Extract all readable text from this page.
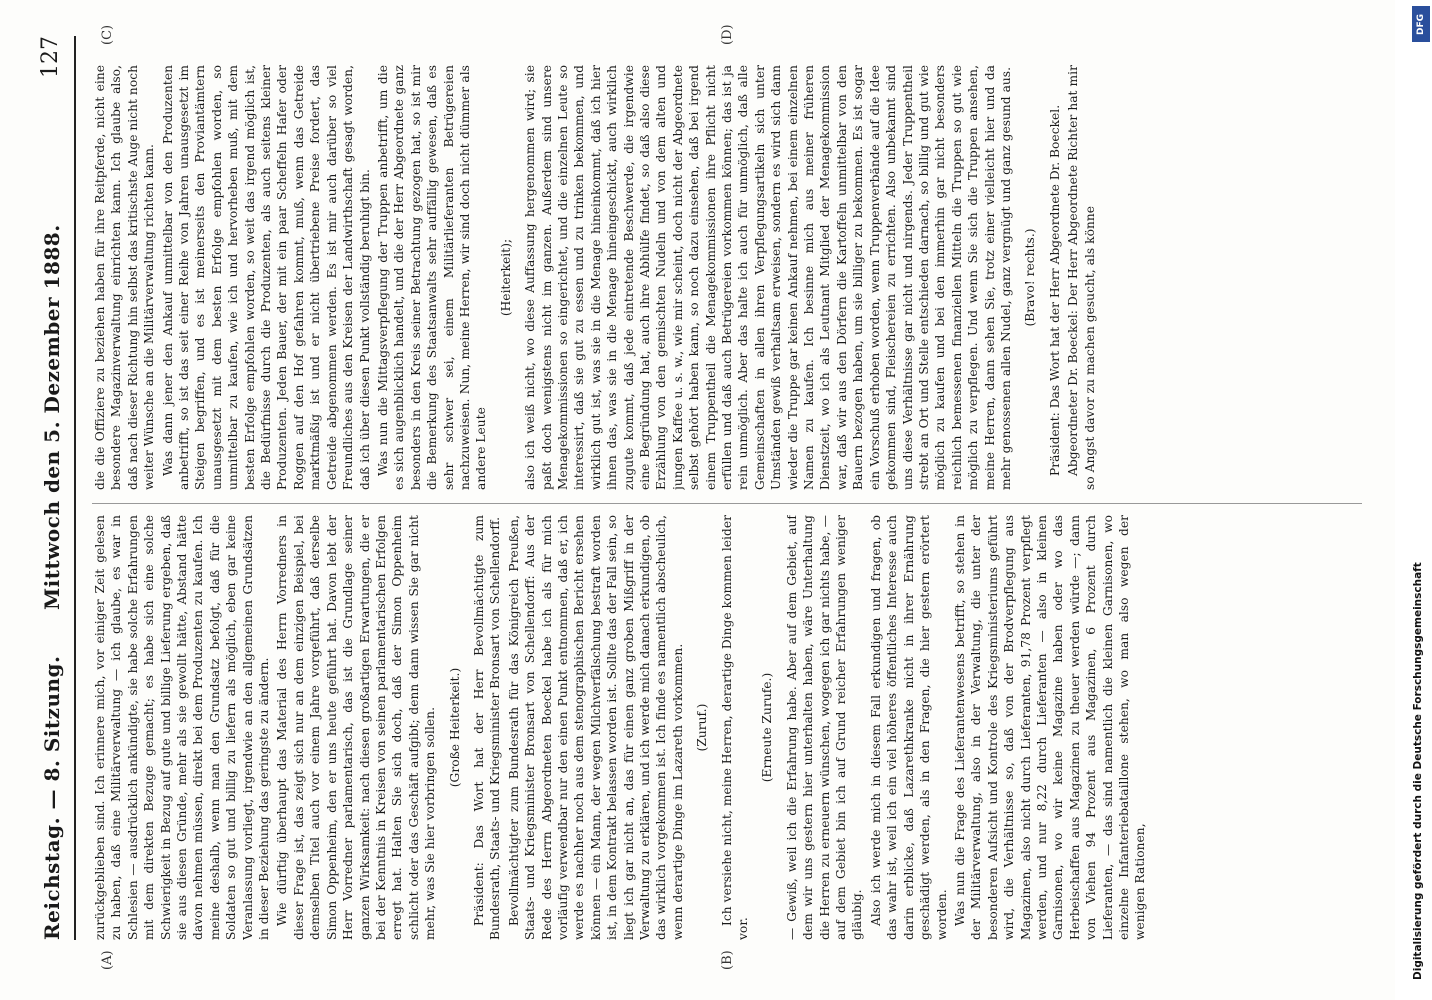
Reichstag. — 8. Sitzung.
Mittwoch den 5. Dezember 1888.
127
(A)	(B)
(C)	(D)

zurückgeblieben sind. Ich erinnere mich, vor einiger Zeit gelesen zu haben, daß eine Militärverwaltung — ich glaube, es war in Schlesien — ausdrücklich ankündigte, sie habe solche Erfahrungen mit dem direkten Bezuge gemacht; es habe sich eine solche Schwierigkeit in Bezug auf gute und billige Lieferung ergeben, daß sie aus diesen Gründe, mehr als sie gewollt hätte, Abstand hätte davon nehmen müssen, direkt bei dem Produzenten zu kaufen. Ich meine deshalb, wenn man den Grundsatz befolgt, daß für die Soldaten so gut und billig zu liefern als möglich, eben gar keine Veranlassung vorliegt, irgendwie an den allgemeinen Grundsätzen in dieser Beziehung das geringste zu ändern. Wie dürftig überhaupt das Material des Herrn Vorredners in dieser Frage ist, das zeigt sich nur an dem einzigen Beispiel, bei demselben Titel auch vor einem Jahre vorgeführt, daß derselbe Simon Oppenheim, den er uns heute geführt hat. Davon lebt der Herr Vorredner parlamentarisch, das ist die Grundlage seiner ganzen Wirksamkeit: nach diesen großartigen Erwartungen, die er bei der Kenntnis in Kreisen von seinen parlamentarischen Erfolgen erregt hat. Halten Sie sich doch, daß der Simon Oppenheim schlicht oder das Geschäft aufgibt; denn dann wissen Sie gar nicht mehr, was Sie hier vorbringen sollen. (Große Heiterkeit.) Präsident: Das Wort hat der Herr Bevollmächtigte zum Bundesrath, Staats- und Kriegsminister Bronsart von Schellendorff. Bevollmächtigter zum Bundesrath für das Königreich Preußen, Staats- und Kriegsminister Bronsart von Schellendorff: Aus der Rede des Herrn Abgeordneten Boeckel habe ich als für mich vorläufig verwendbar nur den einen Punkt entnommen, daß er, ich werde es nachher noch aus dem stenographischen Bericht ersehen können — ein Mann, der wegen Milchverfälschung bestraft worden ist, in dem Kontrakt belassen worden ist. Sollte das der Fall sein, so liegt ich gar nicht an, das für einen ganz groben Mißgriff in der Verwaltung zu erklären, und ich werde mich danach erkundigen, ob das wirklich vorgekommen ist. Ich finde es namentlich abscheulich, wenn derartige Dinge im Lazareth vorkommen. (Zuruf.) Ich versiehe nicht, meine Herren, derartige Dinge kommen leider vor.

(Erneute Zurufe.) — Gewiß, weil ich die Erfahrung habe. Aber auf dem Gebiet, auf dem wir uns gestern hier unterhalten haben, wäre Unterhaltung die Herren zu erneuern wünschen, wogegen ich gar nichts habe, — auf dem Gebiet bin ich auf Grund reicher Erfahrungen weniger gläubig. Also ich werde mich in diesem Fall erkundigen und fragen, ob das wahr ist, weil ich ein viel höheres öffentliches Interesse auch darin erblicke, daß Lazarethkranke nicht in ihrer Ernährung geschädigt werden, als in den Fragen, die hier gestern erörtert worden. Was nun die Frage des Lieferantenwesens betrifft, so stehen in der Militärverwaltung, also in der Verwaltung, die unter der besonderen Aufsicht und Kontrole des Kriegsministeriums geführt wird, die Verhältnisse so, daß von der Brodverpflegung aus Magazinen, also nicht durch Lieferanten, 91,78 Prozent verpflegt werden, und nur 8,22 durch Lieferanten — also in kleinen Garnisonen, wo wir keine Magazine haben oder wo das Herbeischaffen aus Magazinen zu theuer werden würde —; dann von Viehen 94 Prozent aus Magazinen, 6 Prozent durch Lieferanten, — das sind namentlich die kleinen Garnisonen, wo einzelne Infanteriebataillone stehen, wo man also wegen der wenigen Rationen,

die die Offiziere zu beziehen haben für ihre Reitpferde, nicht eine besondere Magazinverwaltung einrichten kann. Ich glaube also, daß nach dieser Richtung hin selbst das kritischste Auge nicht noch weiter Wünsche an die Militärverwaltung richten kann. Was dann jener den Ankauf unmittelbar von den Produzenten anbetrifft, so ist das seit einer Reihe von Jahren unausgesetzt im Steigen begriffen, und es ist meinerseits den Proviantämtern unausgesetzt mit dem besten Erfolge empfohlen worden, so unmittelbar zu kaufen, wie ich und hervorheben muß, mit dem besten Erfolge empfohlen worden, so weit das irgend möglich ist, die Bedürfnisse durch die Produzenten, als auch seitens kleiner Produzenten. Jeden Bauer, der mit ein paar Scheffeln Hafer oder Roggen auf den Hof gefahren kommt, muß, wenn das Getreide marktmäßig ist und er nicht übertriebene Preise fordert, das Getreide abgenommen werden. Es ist mir auch darüber so viel Freundliches aus den Kreisen der Landwirthschaft gesagt worden, daß ich über diesen Punkt vollständig beruhigt bin. Was nun die Mittagsverpflegung der Truppen anbetrifft, um die es sich augenblicklich handelt, und die der Herr Abgeordnete ganz besonders in den Kreis seiner Betrachtung gezogen hat, so ist mir die Bemerkung des Staatsanwalts sehr auffällig gewesen, daß es sehr schwer sei, einem Militärlieferanten Betrügereien nachzuweisen. Nun, meine Herren, wir sind doch nicht dümmer als andere Leute

(Heiterkeit); also ich weiß nicht, wo diese Auffassung hergenommen wird; sie paßt doch wenigstens nicht im ganzen. Außerdem sind unsere Menagekommissionen so eingerichtet, und die einzelnen Leute so interessirt, daß sie gut zu essen und zu trinken bekommen, und wirklich gut ist, was sie in die Menage hineinkommt, daß ich hier ihnen das, was sie in die Menage hineingeschickt, auch wirklich zugute kommt, daß jede eintretende Beschwerde, die irgendwie eine Begründung hat, auch ihre Abhülfe findet, so daß also diese Erzählung von den gemischten Nudeln und von dem alten und jungen Kaffee u. s. w., wie mir scheint, doch nicht der Abgeordnete selbst gehört haben kann, so noch dazu einsehen, daß bei irgend einem Truppentheil die Menagekommissionen ihre Pflicht nicht erfüllen und daß auch Betrügereien vorkommen können; das ist ja rein unmöglich. Aber das halte ich auch für unmöglich, daß alle Gemeinschaften in allen ihren Verpflegungsartikeln sich unter Umständen gewiß verhaltsam erweisen, sondern es wird sich dann wieder die Truppe gar keinen Ankauf nehmen, bei einem einzelnen Namen zu kaufen. Ich besinne mich aus meiner früheren Dienstzeit, wo ich als Leutnant Mitglied der Menagekommission war, daß wir aus den Dörfern die Kartoffeln unmittelbar von den Bauern bezogen haben, um sie billiger zu bekommen. Es ist sogar ein Vorschuß erhoben worden, wenn Truppenverbände auf die Idee gekommen sind, Fleischereien zu errichten. Also unbekannt sind uns diese Verhältnisse gar nicht und nirgends. Jeder Truppentheil strebt an Ort und Stelle entschieden darnach, so billig und gut wie möglich zu kaufen und bei den immerhin gar nicht besonders reichlich bemessenen finanziellen Mitteln die Truppen so gut wie möglich zu verpflegen. Und wenn Sie sich die Truppen ansehen, meine Herren, dann sehen Sie, trotz einer vielleicht hier und da mehr genossenen allen Nudel, ganz vergnügt und ganz gesund aus. (Bravo! rechts.) Präsident: Das Wort hat der Herr Abgeordnete Dr. Boeckel. Abgeordneter Dr. Boeckel: Der Herr Abgeordnete Richter hat mir so Angst davor zu machen gesucht, als könne

DFG
Digitalisierung gefördert durch die Deutsche Forschungsgemeinschaft
